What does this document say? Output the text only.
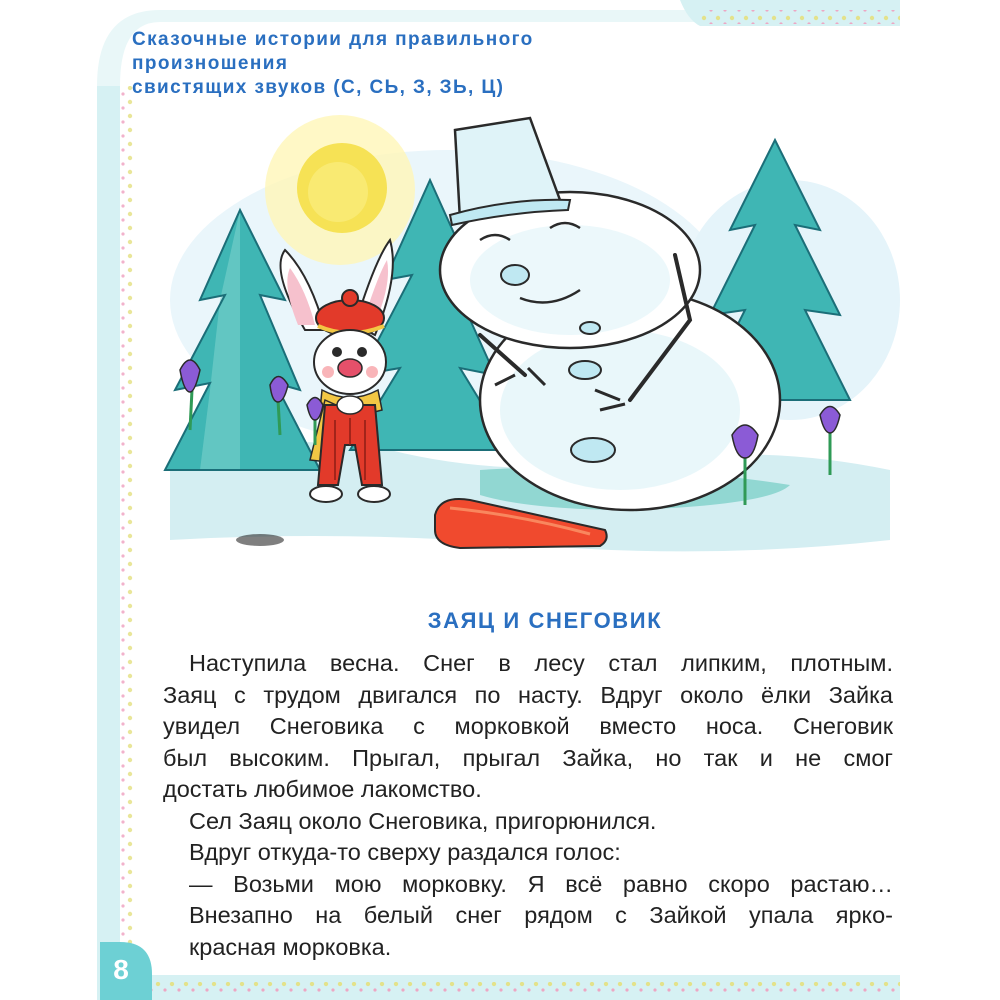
Сказочные истории для правильного произношения
свистящих звуков (С, СЬ, З, ЗЬ, Ц)
ЗАЯЦ И СНЕГОВИК

Наступила весна. Снег в лесу стал липким, плотным.

Заяц с трудом двигался по насту. Вдруг около ёлки Зайка

увидел Снеговика с морковкой вместо носа. Снеговик

был высоким. Прыгал, прыгал Зайка, но так и не смог

достать любимое лакомство.

Сел Заяц около Снеговика, пригорюнился.

Вдруг откуда-то сверху раздался голос:

— Возьми мою морковку. Я всё равно скоро растаю…

Внезапно на белый снег рядом с Зайкой упала ярко-

красная морковка.

8
